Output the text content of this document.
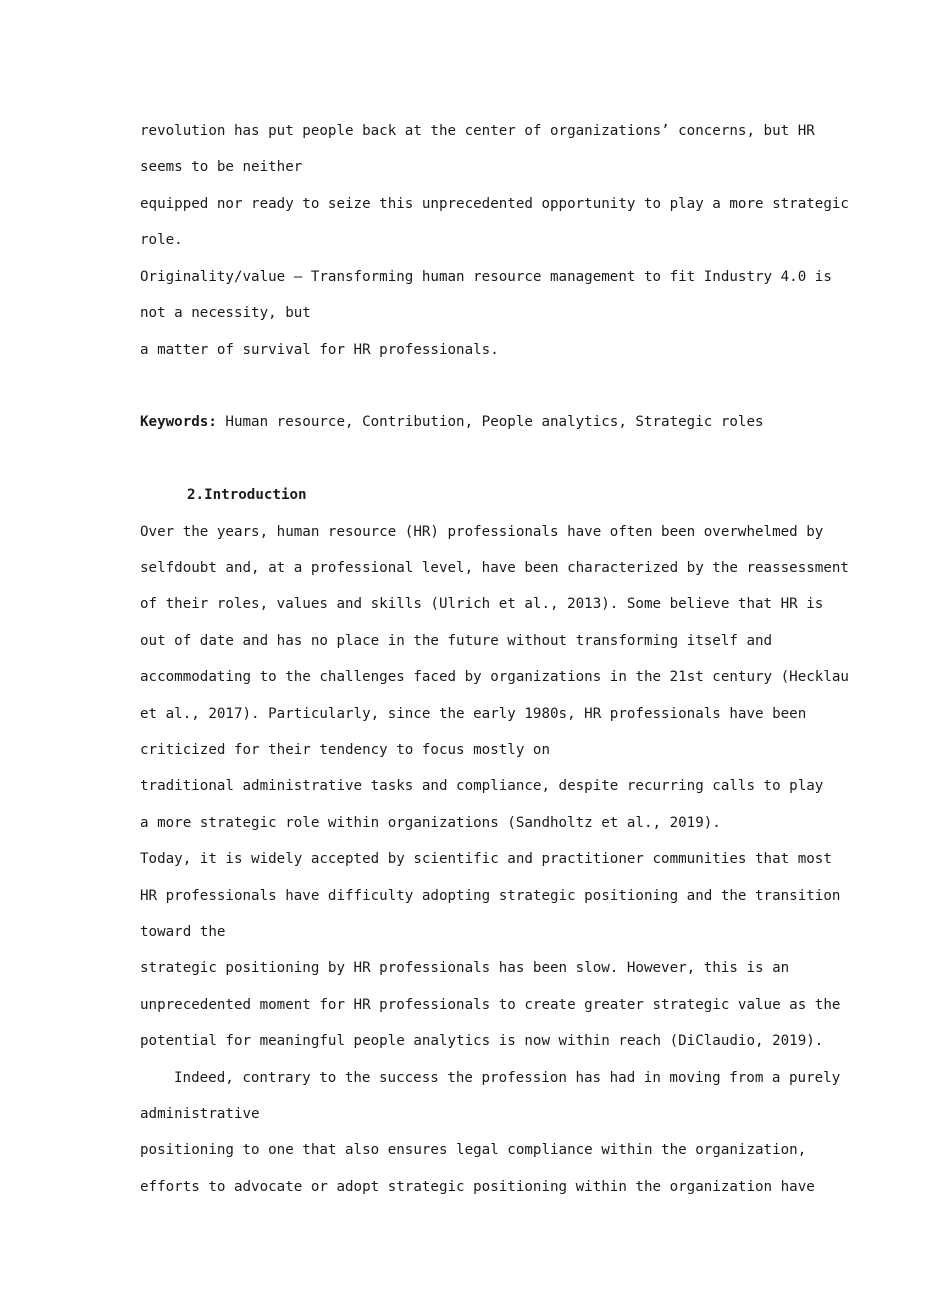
revolution has put people back at the center of organizations’ concerns, but HR
seems to be neither
equipped nor ready to seize this unprecedented opportunity to play a more strategic
role.
Originality/value – Transforming human resource management to fit Industry 4.0 is
not a necessity, but
a matter of survival for HR professionals.
Keywords: Human resource, Contribution, People analytics, Strategic roles
2.Introduction
Over the years, human resource (HR) professionals have often been overwhelmed by
selfdoubt and, at a professional level, have been characterized by the reassessment
of their roles, values and skills (Ulrich et al., 2013). Some believe that HR is
out of date and has no place in the future without transforming itself and
accommodating to the challenges faced by organizations in the 21st century (Hecklau
et al., 2017). Particularly, since the early 1980s, HR professionals have been
criticized for their tendency to focus mostly on
traditional administrative tasks and compliance, despite recurring calls to play
a more strategic role within organizations (Sandholtz et al., 2019).
Today, it is widely accepted by scientific and practitioner communities that most
HR professionals have difficulty adopting strategic positioning and the transition
toward the
strategic positioning by HR professionals has been slow. However, this is an
unprecedented moment for HR professionals to create greater strategic value as the
potential for meaningful people analytics is now within reach (DiClaudio, 2019).
Indeed, contrary to the success the profession has had in moving from a purely
administrative
positioning to one that also ensures legal compliance within the organization,
efforts to advocate or adopt strategic positioning within the organization have
